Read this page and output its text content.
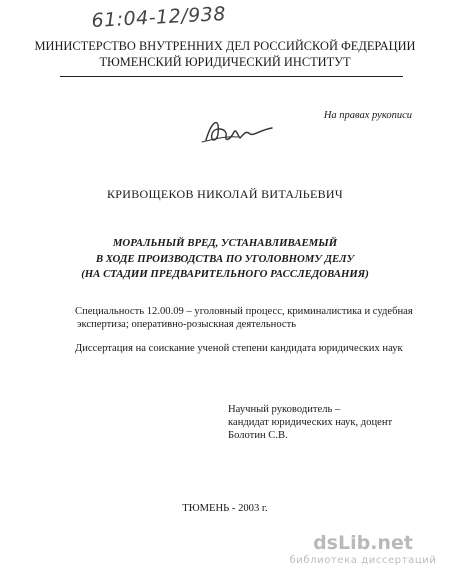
61:04-12/938
МИНИСТЕРСТВО ВНУТРЕННИХ ДЕЛ РОССИЙСКОЙ ФЕДЕРАЦИИ
ТЮМЕНСКИЙ ЮРИДИЧЕСКИЙ ИНСТИТУТ
На правах рукописи
КРИВОЩЕКОВ НИКОЛАЙ ВИТАЛЬЕВИЧ
МОРАЛЬНЫЙ ВРЕД, УСТАНАВЛИВАЕМЫЙ
В ХОДЕ ПРОИЗВОДСТВА ПО УГОЛОВНОМУ ДЕЛУ
(НА СТАДИИ ПРЕДВАРИТЕЛЬНОГО РАССЛЕДОВАНИЯ)
Специальность 12.00.09 – уголовный процесс, криминалистика и судебная
экспертиза; оперативно-розыскная деятельность
Диссертация на соискание ученой степени кандидата юридических наук
Научный руководитель –
кандидат юридических наук, доцент
Болотин С.В.
ТЮМЕНЬ - 2003 г.
dsLib.net
библиотека диссертаций
